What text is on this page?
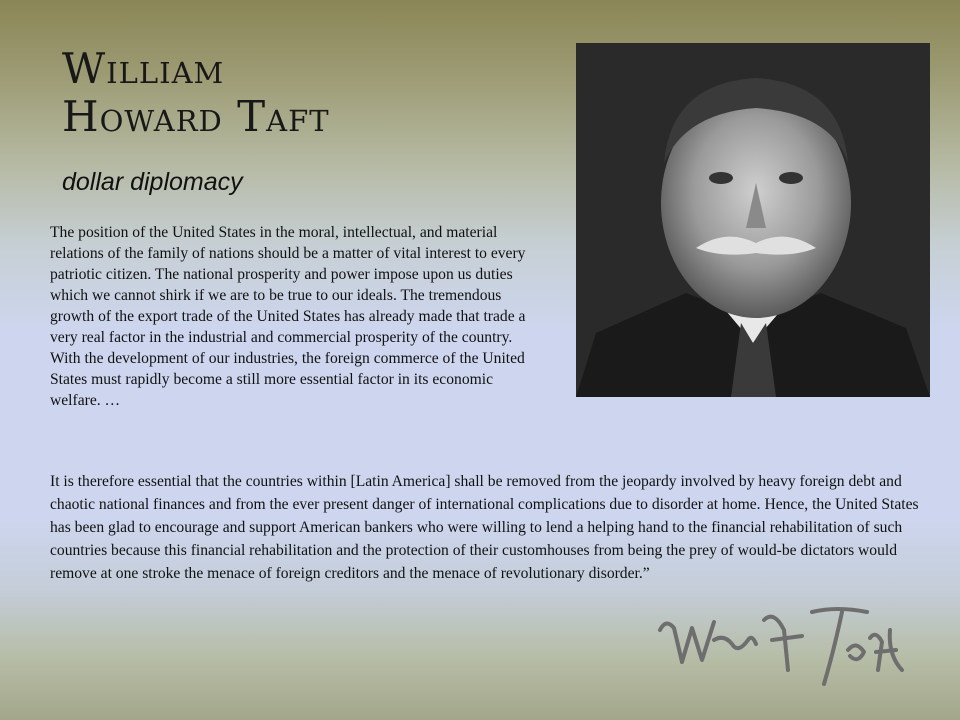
William
Howard Taft
dollar diplomacy

The position of the United States in the moral, intellectual, and material relations of the family of nations should be a matter of vital interest to every patriotic citizen. The national prosperity and power impose upon us duties which we cannot shirk if we are to be true to our ideals. The tremendous growth of the export trade of the United States has already made that trade a very real factor in the industrial and commercial prosperity of the country. With the development of our industries, the foreign commerce of the United States must rapidly become a still more essential factor in its economic welfare. …

It is therefore essential that the countries within [Latin America] shall be removed from the jeopardy involved by heavy foreign debt and chaotic national finances and from the ever present danger of international complications due to disorder at home. Hence, the United States has been glad to encourage and support American bankers who were willing to lend a helping hand to the financial rehabilitation of such countries because this financial rehabilitation and the protection of their customhouses from being the prey of would-be dictators would remove at one stroke the menace of foreign creditors and the menace of revolutionary disorder.”
